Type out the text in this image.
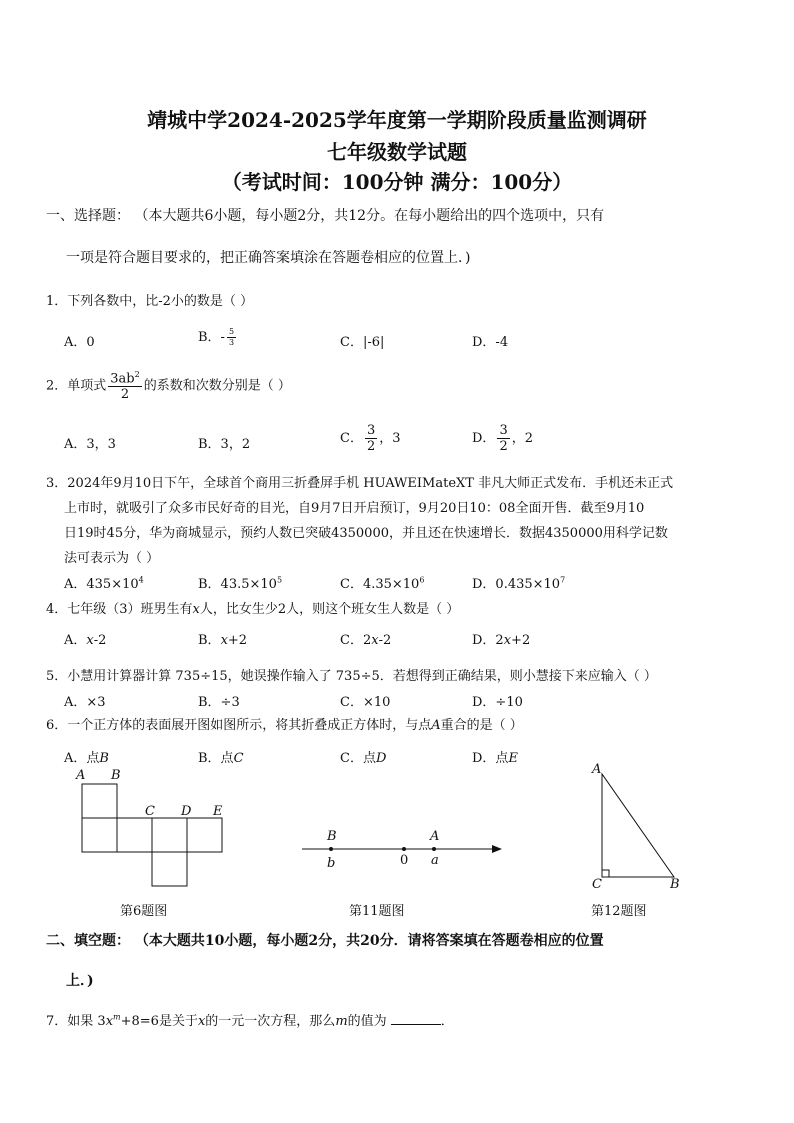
靖城中学2024-2025学年度第一学期阶段质量监测调研
七年级数学试题
（考试时间：100分钟 满分：100分）
一、选择题： （本大题共6小题，每小题2分，共12分。在每小题给出的四个选项中，只有
一项是符合题目要求的，把正确答案填涂在答题卷相应的位置上．)
1．下列各数中，比-2小的数是（ ）
A．0	B．- $\frac{5}{3}$	C．|-6|	D．-4
2．单项式 $\frac{3ab^2}{2}$ 的系数和次数分别是（ ）
A．3，3	B．3，2	C． $\frac{3}{2}$ ，3	D． $\frac{3}{2}$ ，2
3．2024年9月10日下午，全球首个商用三折叠屏手机 HUAWEIMateXT 非凡大师正式发布．手机还未正式
上市时，就吸引了众多市民好奇的目光，自9月7日开启预订，9月20日10：08全面开售．截至9月10
日19时45分，华为商城显示，预约人数已突破4350000，并且还在快速增长．数据4350000用科学记数
法可表示为（ ）
A．$435\times 10^4$	B．$43.5\times 10^5$	C．$4.35\times 10^6$	D．$0.435\times 10^7$
4．七年级（3）班男生有x人，比女生少2人，则这个班女生人数是（ ）
A．x-2	B．x+2	C．2x-2	D．2x+2
5．小慧用计算器计算 735÷15，她误操作输入了 735÷5．若想得到正确结果，则小慧接下来应输入（ ）
A．×3	B．÷3	C．×10	D．÷10
6．一个正方体的表面展开图如图所示，将其折叠成正方体时，与点A重合的是（ ）
A．点B	B．点C	C．点D	D．点E
A B
C D E
第6题图
B	A
b	0 a
第11题图
A
C	B
第12题图
二、填空题： （本大题共10小题，每小题2分，共20分．请将答案填在答题卷相应的位置
上．)
7．如果 $3x^m+8=6$是关于x的一元一次方程，那么m的值为	．
